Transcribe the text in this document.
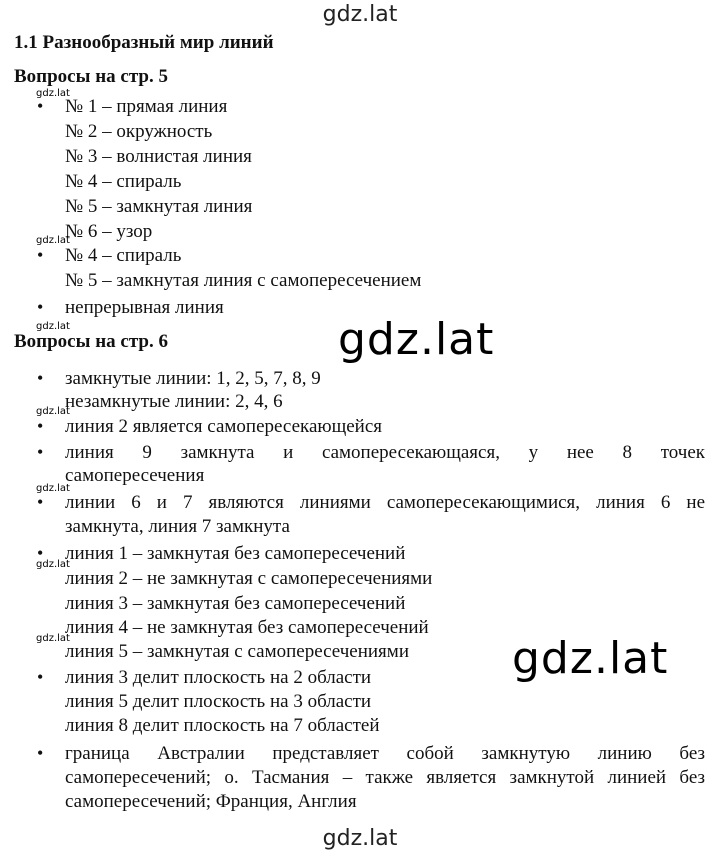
gdz.lat
1.1 Разнообразный мир линий
Вопросы на стр. 5
gdz.lat
• № 1 – прямая линия
№ 2 – окружность
№ 3 – волнистая линия
№ 4 – спираль
№ 5 – замкнутая линия
№ 6 – узор
gdz.lat
• № 4 – спираль
№ 5 – замкнутая линия с самопересечением
• непрерывная линия
gdz.lat
Вопросы на стр. 6
• замкнутые линии: 1, 2, 5, 7, 8, 9
незамкнутые линии: 2, 4, 6
gdz.lat
gdz.lat
• линия 2 является самопересекающейся
• линия 9 замкнута и самопересекающаяся, у нее 8 точек
самопересечения
gdz.lat
• линии 6 и 7 являются линиями самопересекающимися, линия 6 не
замкнута, линия 7 замкнута
• линия 1 – замкнутая без самопересечений
gdz.lat
линия 2 – не замкнутая с самопересечениями
линия 3 – замкнутая без самопересечений
линия 4 – не замкнутая без самопересечений
gdz.lat
линия 5 – замкнутая с самопересечениями
• линия 3 делит плоскость на 2 области
линия 5 делит плоскость на 3 области
линия 8 делит плоскость на 7 областей
gdz.lat
• граница Австралии представляет собой замкнутую линию без
самопересечений; о. Тасмания – также является замкнутой линией без
самопересечений; Франция, Англия
gdz.lat
